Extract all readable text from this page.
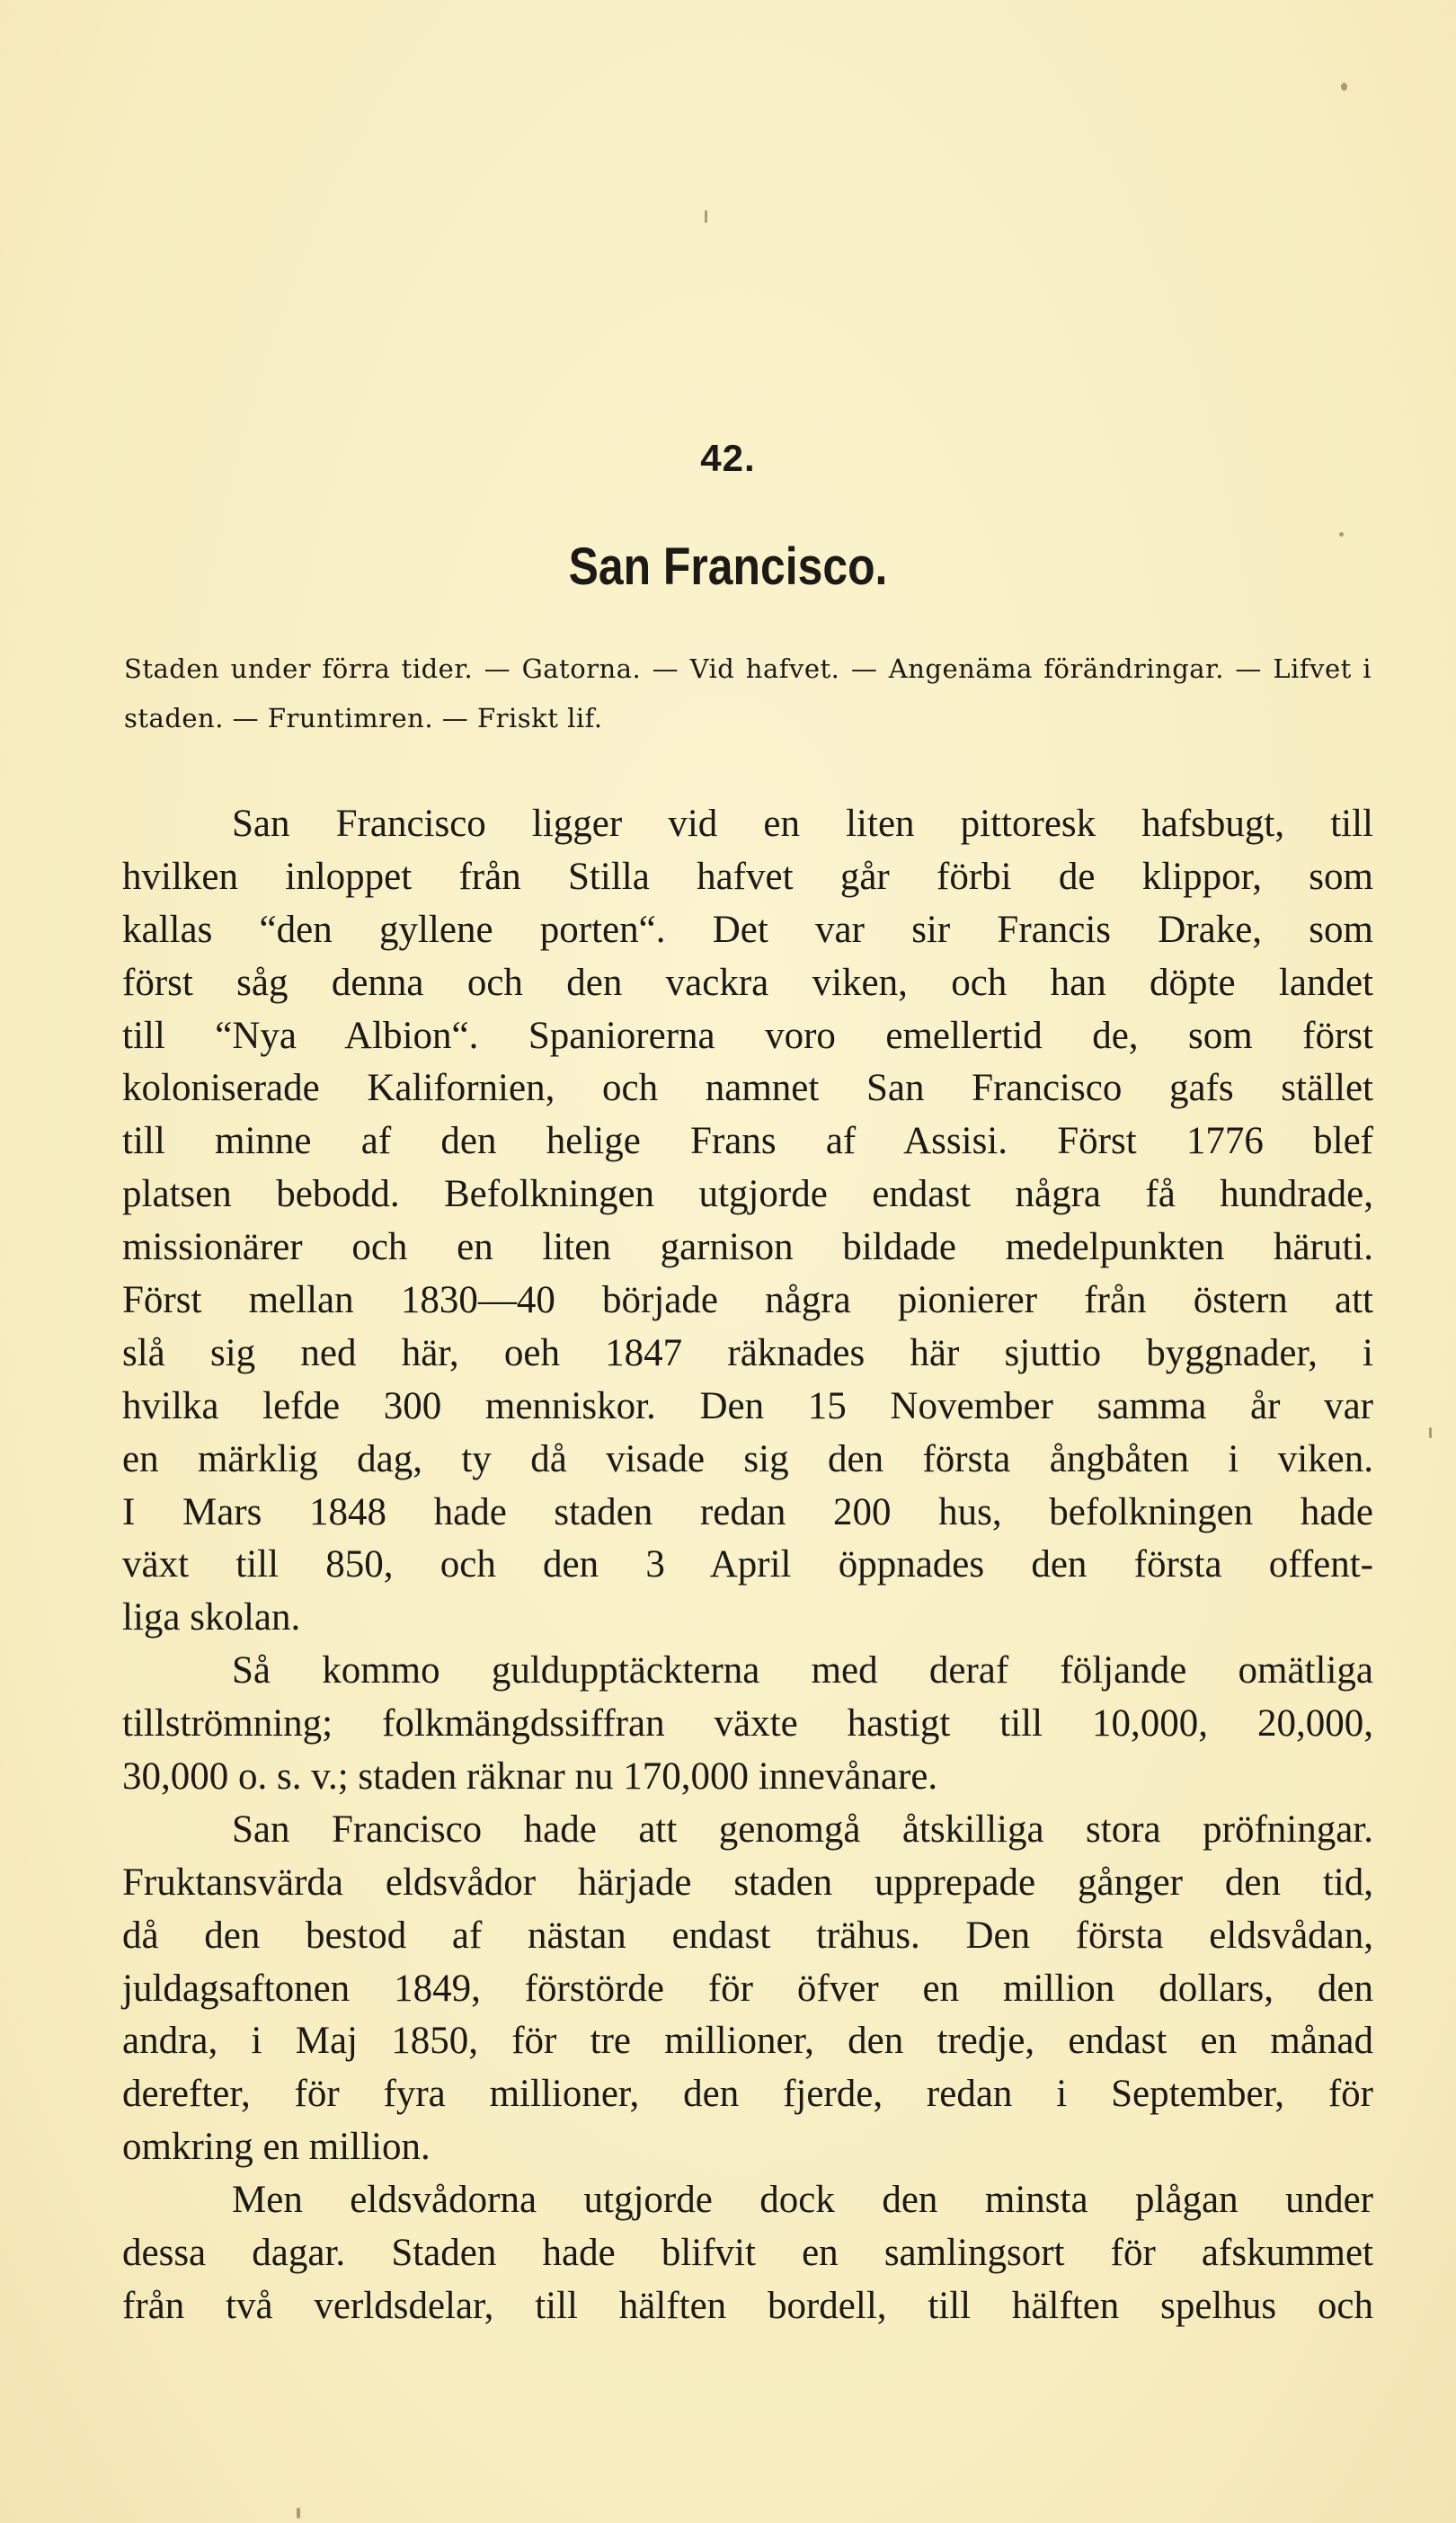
42.
San Francisco.
Staden under förra tider. — Gatorna. — Vid hafvet. — Angenäma förändringar. — Lifvet i staden. — Fruntimren. — Friskt lif.
San Francisco ligger vid en liten pittoresk hafsbugt, till
hvilken inloppet från Stilla hafvet går förbi de klippor, som
kallas “den gyllene porten“. Det var sir Francis Drake, som
först såg denna och den vackra viken, och han döpte landet
till “Nya Albion“. Spaniorerna voro emellertid de, som först
koloniserade Kalifornien, och namnet San Francisco gafs stället
till minne af den helige Frans af Assisi. Först 1776 blef
platsen bebodd. Befolkningen utgjorde endast några få hundrade,
missionärer och en liten garnison bildade medelpunkten häruti.
Först mellan 1830—40 började några pionierer från östern att
slå sig ned här, oeh 1847 räknades här sjuttio byggnader, i
hvilka lefde 300 menniskor. Den 15 November samma år var
en märklig dag, ty då visade sig den första ångbåten i viken.
I Mars 1848 hade staden redan 200 hus, befolkningen hade
växt till 850, och den 3 April öppnades den första offent-
liga skolan.
Så kommo guldupptäckterna med deraf följande omätliga
tillströmning; folkmängdssiffran växte hastigt till 10,000, 20,000,
30,000 o. s. v.; staden räknar nu 170,000 innevånare.
San Francisco hade att genomgå åtskilliga stora pröfningar.
Fruktansvärda eldsvådor härjade staden upprepade gånger den tid,
då den bestod af nästan endast trähus. Den första eldsvådan,
juldagsaftonen 1849, förstörde för öfver en million dollars, den
andra, i Maj 1850, för tre millioner, den tredje, endast en månad
derefter, för fyra millioner, den fjerde, redan i September, för
omkring en million.
Men eldsvådorna utgjorde dock den minsta plågan under
dessa dagar. Staden hade blifvit en samlingsort för afskummet
från två verldsdelar, till hälften bordell, till hälften spelhus och
